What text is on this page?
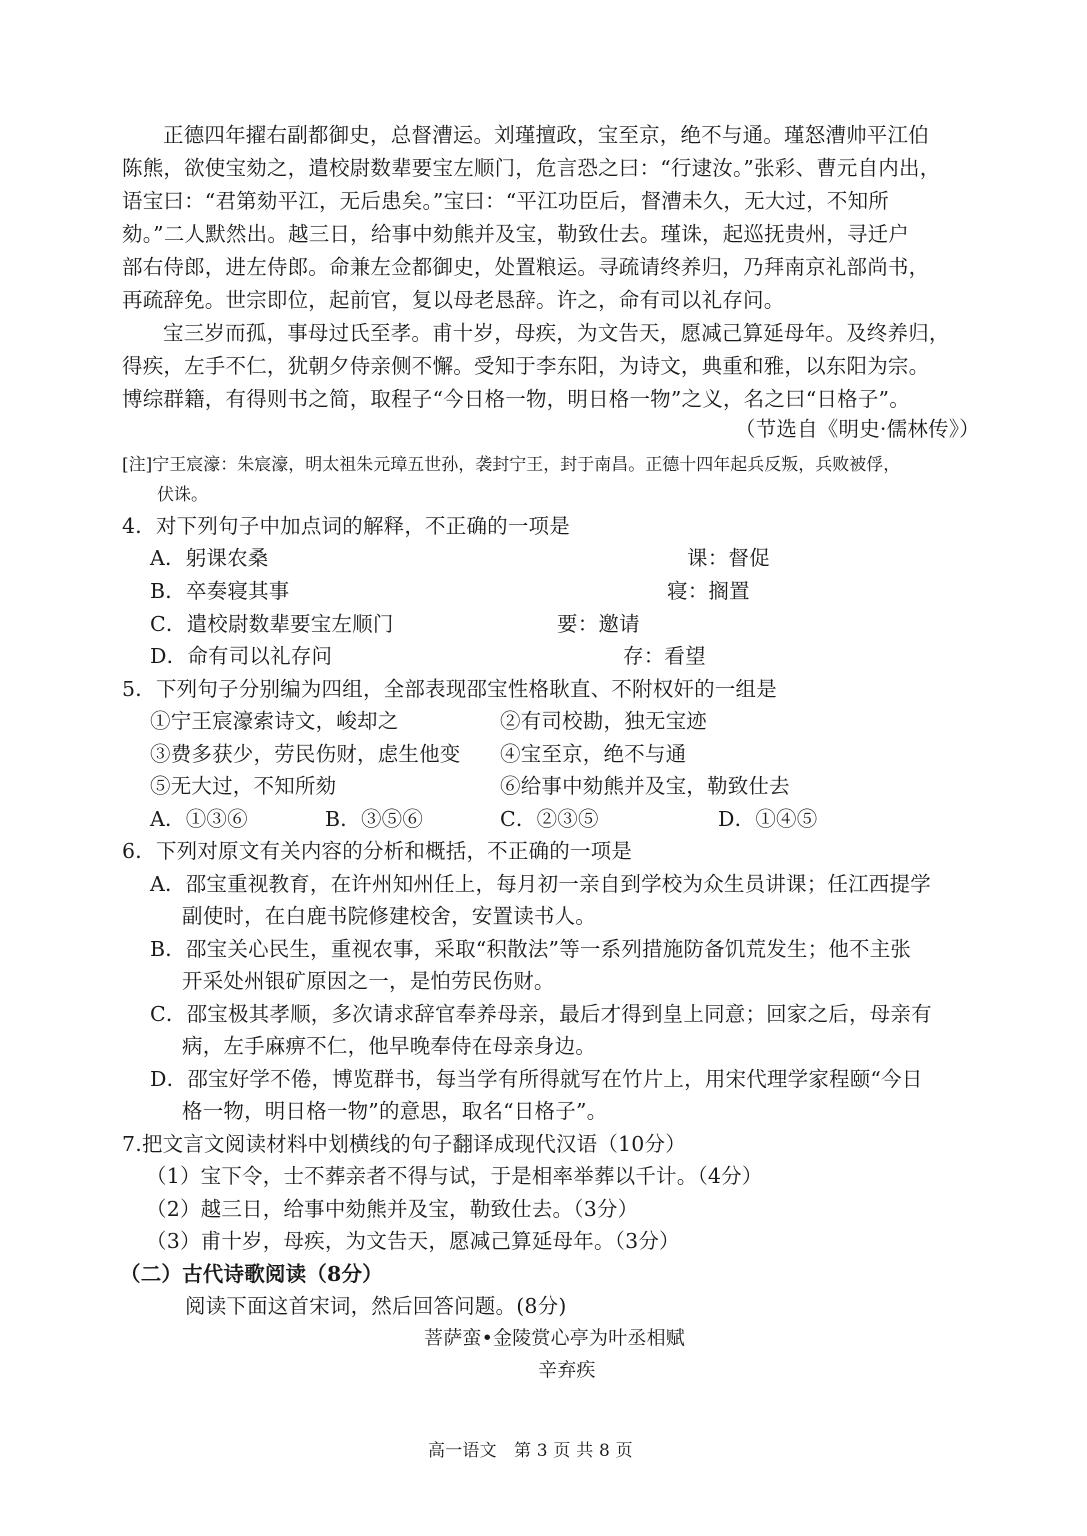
正德四年擢右副都御史，总督漕运。刘瑾擅政，宝至京，绝不与通。瑾怒漕帅平江伯
陈熊，欲使宝劾之，遣校尉数辈要宝左顺门，危言恐之曰：“行逮汝。”张彩、曹元自内出，
语宝曰：“君第劾平江，无后患矣。”宝曰：“平江功臣后，督漕未久，无大过，不知所
劾。”二人默然出。越三日，给事中劾熊并及宝，勒致仕去。瑾诛，起巡抚贵州，寻迁户
部右侍郎，进左侍郎。命兼左佥都御史，处置粮运。寻疏请终养归，乃拜南京礼部尚书，
再疏辞免。世宗即位，起前官，复以母老恳辞。许之，命有司以礼存问。
宝三岁而孤，事母过氏至孝。甫十岁，母疾，为文告天，愿减己算延母年。及终养归，
得疾，左手不仁，犹朝夕侍亲侧不懈。受知于李东阳，为诗文，典重和雅，以东阳为宗。
博综群籍，有得则书之简，取程子“今日格一物，明日格一物”之义，名之曰“日格子”。
（节选自《明史·儒林传》）
[注]宁王宸濠：朱宸濠，明太祖朱元璋五世孙，袭封宁王，封于南昌。正德十四年起兵反叛，兵败被俘，
伏诛。
4．对下列句子中加点词的解释，不正确的一项是
A．躬课农桑	课：督促
B．卒奏寝其事	寝：搁置
C．遣校尉数辈要宝左顺门	要：邀请
D．命有司以礼存问	存：看望
5．下列句子分别编为四组，全部表现邵宝性格耿直、不附权奸的一组是
①宁王宸濠索诗文，峻却之	②有司校勘，独无宝迹
③费多获少，劳民伤财，虑生他变 ④宝至京，绝不与通
⑤无大过，不知所劾	⑥给事中劾熊并及宝，勒致仕去
A．①③⑥	B．③⑤⑥	C．②③⑤	D．①④⑤
6．下列对原文有关内容的分析和概括，不正确的一项是
A．邵宝重视教育，在许州知州任上，每月初一亲自到学校为众生员讲课；任江西提学
副使时，在白鹿书院修建校舍，安置读书人。
B．邵宝关心民生，重视农事，采取“积散法”等一系列措施防备饥荒发生；他不主张
开采处州银矿原因之一，是怕劳民伤财。
C．邵宝极其孝顺，多次请求辞官奉养母亲，最后才得到皇上同意；回家之后，母亲有
病，左手麻痹不仁，他早晚奉侍在母亲身边。
D．邵宝好学不倦，博览群书，每当学有所得就写在竹片上，用宋代理学家程颐“今日
格一物，明日格一物”的意思，取名“日格子”。
7.把文言文阅读材料中划横线的句子翻译成现代汉语（10分）
（1）宝下令，士不葬亲者不得与试，于是相率举葬以千计。（4分）
（2）越三日，给事中劾熊并及宝，勒致仕去。（3分）
（3）甫十岁，母疾，为文告天，愿减己算延母年。（3分）
（二）古代诗歌阅读（8分）
阅读下面这首宋词，然后回答问题。(8分)
菩萨蛮•金陵赏心亭为叶丞相赋
辛弃疾
高一语文　第 3 页 共 8 页
